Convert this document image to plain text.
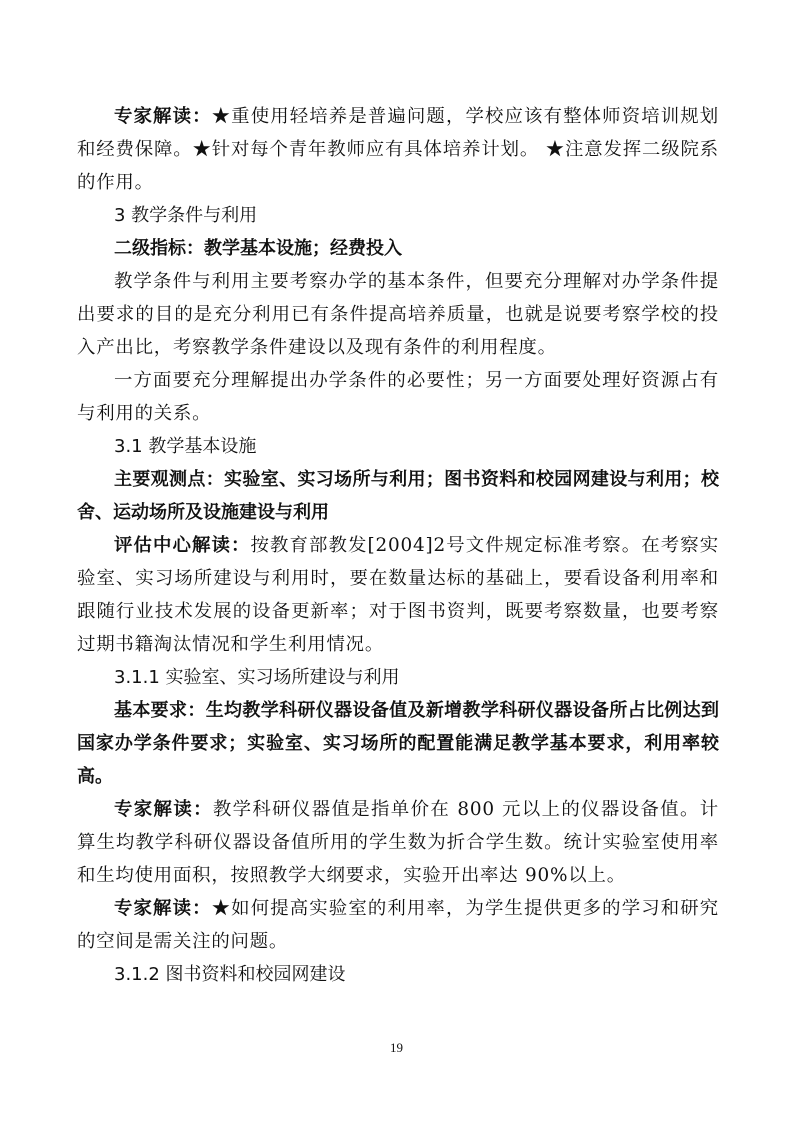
专家解读：★重使用轻培养是普遍问题，学校应该有整体师资培训规划和经费保障。★针对每个青年教师应有具体培养计划。 ★注意发挥二级院系的作用。

3 教学条件与利用

二级指标：教学基本设施；经费投入

教学条件与利用主要考察办学的基本条件，但要充分理解对办学条件提出要求的目的是充分利用已有条件提高培养质量，也就是说要考察学校的投入产出比，考察教学条件建设以及现有条件的利用程度。

一方面要充分理解提出办学条件的必要性；另一方面要处理好资源占有与利用的关系。

3.1 教学基本设施

主要观测点：实验室、实习场所与利用；图书资料和校园网建设与利用；校舍、运动场所及设施建设与利用

评估中心解读：按教育部教发[2004]2号文件规定标准考察。在考察实验室、实习场所建设与利用时，要在数量达标的基础上，要看设备利用率和跟随行业技术发展的设备更新率；对于图书资判，既要考察数量，也要考察过期书籍淘汰情况和学生利用情况。

3.1.1 实验室、实习场所建设与利用

基本要求：生均教学科研仪器设备值及新增教学科研仪器设备所占比例达到国家办学条件要求；实验室、实习场所的配置能满足教学基本要求，利用率较高。

专家解读：教学科研仪器值是指单价在 800 元以上的仪器设备值。计算生均教学科研仪器设备值所用的学生数为折合学生数。统计实验室使用率和生均使用面积，按照教学大纲要求，实验开出率达 90%以上。

专家解读：★如何提高实验室的利用率，为学生提供更多的学习和研究的空间是需关注的问题。

3.1.2 图书资料和校园网建设

19
